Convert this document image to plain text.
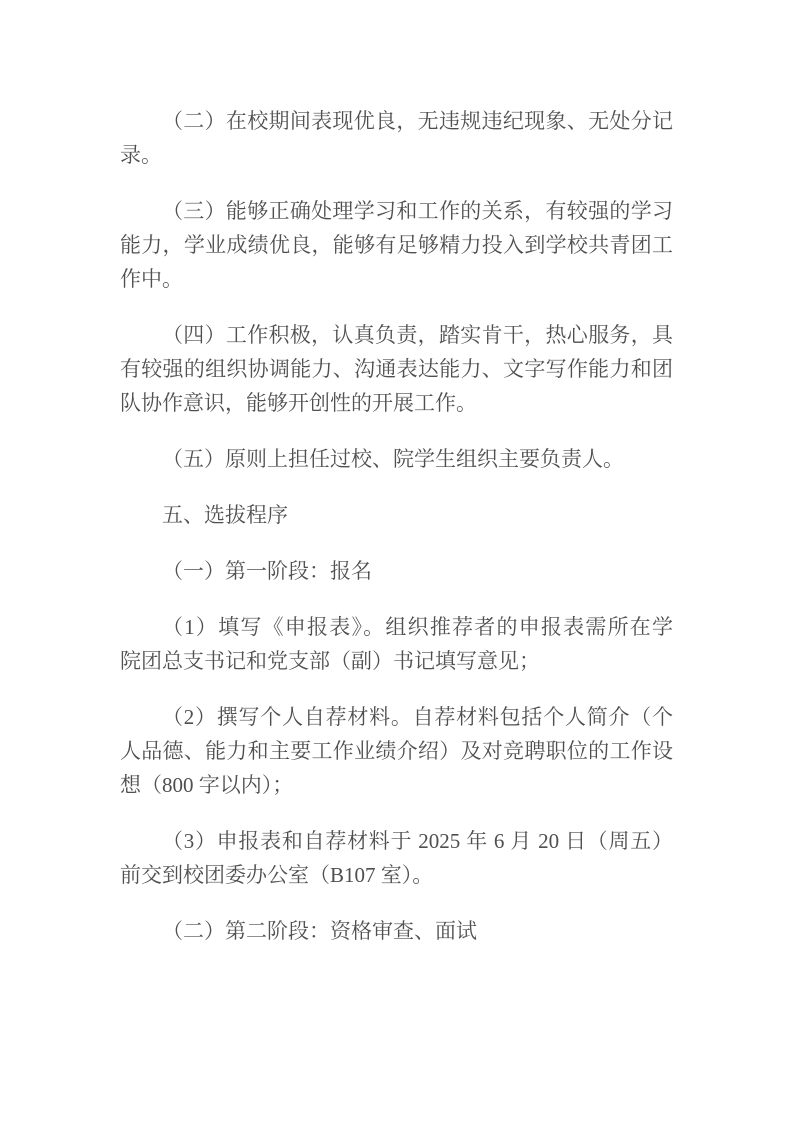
（二）在校期间表现优良，无违规违纪现象、无处分记
录。
（三）能够正确处理学习和工作的关系，有较强的学习
能力，学业成绩优良，能够有足够精力投入到学校共青团工
作中。
（四）工作积极，认真负责，踏实肯干，热心服务，具
有较强的组织协调能力、沟通表达能力、文字写作能力和团
队协作意识，能够开创性的开展工作。
（五）原则上担任过校、院学生组织主要负责人。
五、选拔程序
（一）第一阶段：报名
（1）填写《申报表》。组织推荐者的申报表需所在学
院团总支书记和党支部（副）书记填写意见；
（2）撰写个人自荐材料。自荐材料包括个人简介（个
人品德、能力和主要工作业绩介绍）及对竞聘职位的工作设
想（800 字以内）；
（3）申报表和自荐材料于 2025 年 6 月 20 日（周五）
前交到校团委办公室（B107 室）。
（二）第二阶段：资格审查、面试
